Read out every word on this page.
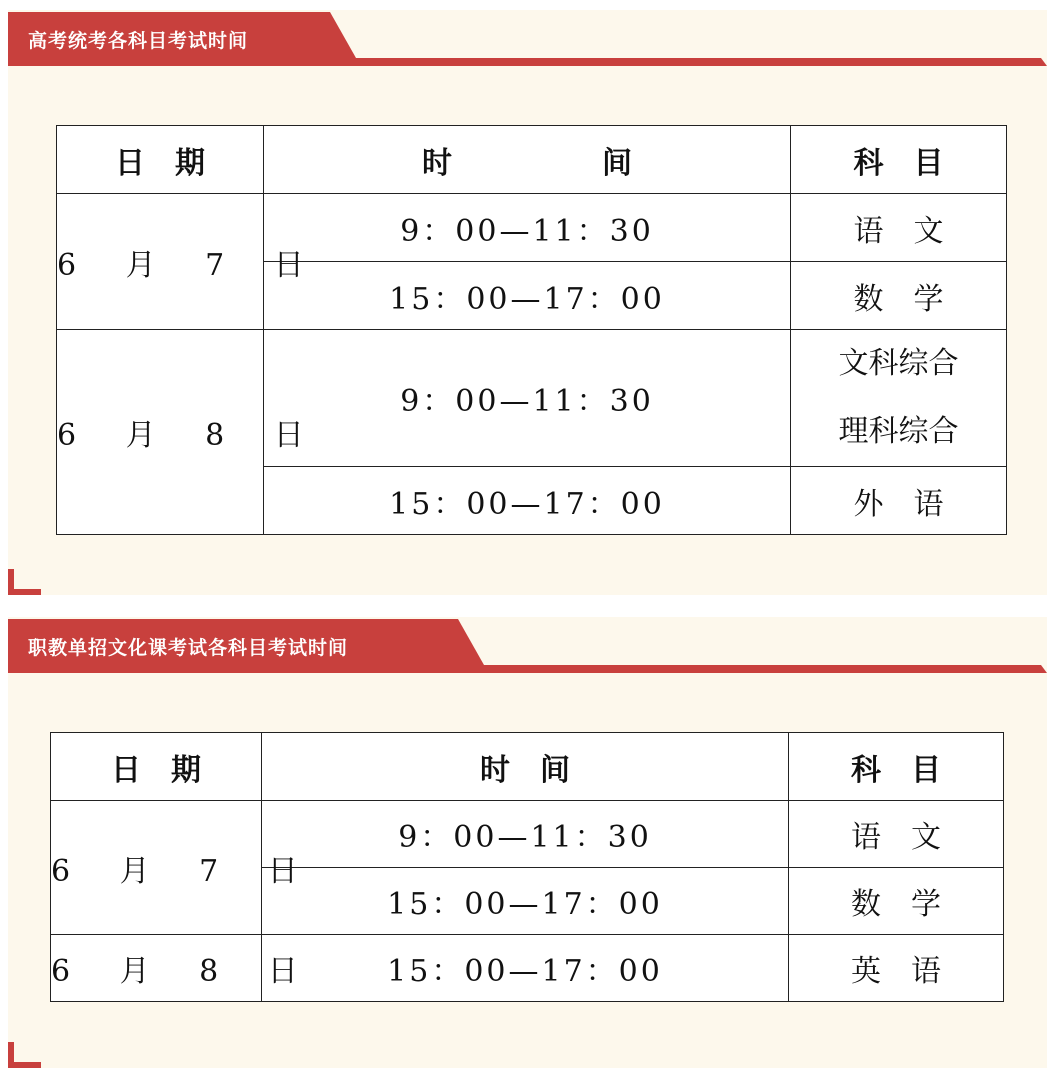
高考统考各科目考试时间
日　期	时　　　　　间	科　目
6 月 7 日	9：00—11：30	语　文
	15：00—17：00	数　学
6 月 8 日	9：00—11：30	文科综合
理科综合

	15：00—17：00	外　语
职教单招文化课考试各科目考试时间
日　期	时　间	科　目
6 月 7 日	9：00—11：30	语　文
	15：00—17：00	数　学
6 月 8 日	15：00—17：00	英　语
